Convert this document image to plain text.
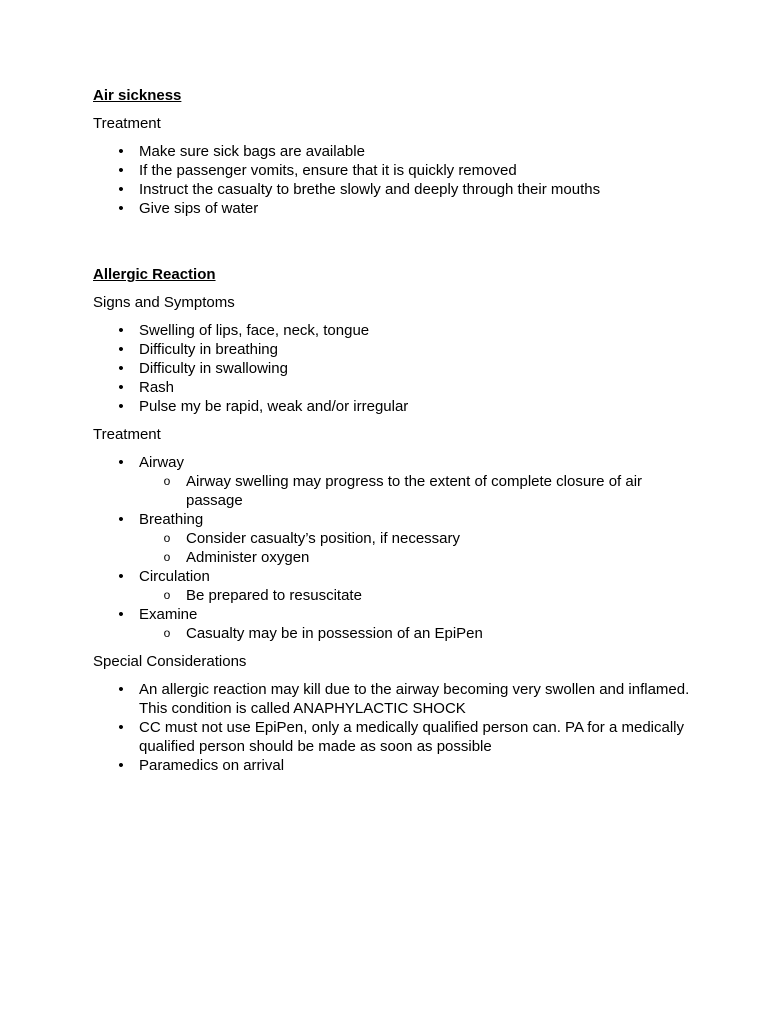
Air sickness

Treatment

• Make sure sick bags are available
• If the passenger vomits, ensure that it is quickly removed
• Instruct the casualty to brethe slowly and deeply through their mouths
• Give sips of water
Allergic Reaction

Signs and Symptoms

• Swelling of lips, face, neck, tongue
• Difficulty in breathing
• Difficulty in swallowing
• Rash
• Pulse my be rapid, weak and/or irregular

Treatment

• Airway
o Airway swelling may progress to the extent of complete closure of air passage
• Breathing
o Consider casualty’s position, if necessary
o Administer oxygen
• Circulation
o Be prepared to resuscitate
• Examine
o Casualty may be in possession of an EpiPen

Special Considerations

• An allergic reaction may kill due to the airway becoming very swollen and inflamed. This condition is called ANAPHYLACTIC SHOCK
• CC must not use EpiPen, only a medically qualified person can. PA for a medically qualified person should be made as soon as possible
• Paramedics on arrival
